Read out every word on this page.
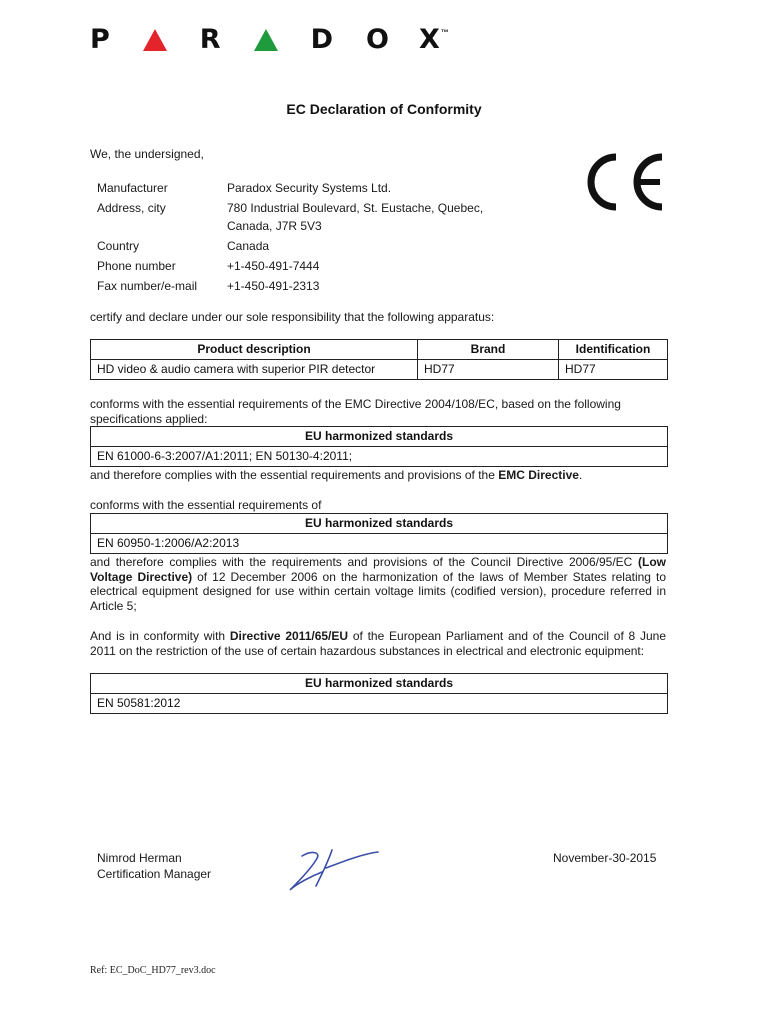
P	R	D O X ™
EC Declaration of Conformity
We, the undersigned,
Manufacturer	Paradox Security Systems Ltd.
Address, city	780 Industrial Boulevard, St. Eustache, Quebec, Canada, J7R 5V3
Country	Canada
Phone number	+1-450-491-7444
Fax number/e-mail	+1-450-491-2313
certify and declare under our sole responsibility that the following apparatus:
Product description	Brand	Identification
HD video & audio camera with superior PIR detector	HD77	HD77
conforms with the essential requirements of the EMC Directive 2004/108/EC, based on the following specifications applied:
EU harmonized standards
EN 61000-6-3:2007/A1:2011; EN 50130-4:2011;
and therefore complies with the essential requirements and provisions of the EMC Directive.
conforms with the essential requirements of
EU harmonized standards
EN 60950-1:2006/A2:2013
and therefore complies with the requirements and provisions of the Council Directive 2006/95/EC (Low Voltage Directive) of 12 December 2006 on the harmonization of the laws of Member States relating to electrical equipment designed for use within certain voltage limits (codified version), procedure referred in Article 5;
And is in conformity with Directive 2011/65/EU of the European Parliament and of the Council of 8 June 2011 on the restriction of the use of certain hazardous substances in electrical and electronic equipment:
EU harmonized standards
EN 50581:2012
Nimrod Herman
Certification Manager
November-30-2015
Ref: EC_DoC_HD77_rev3.doc
